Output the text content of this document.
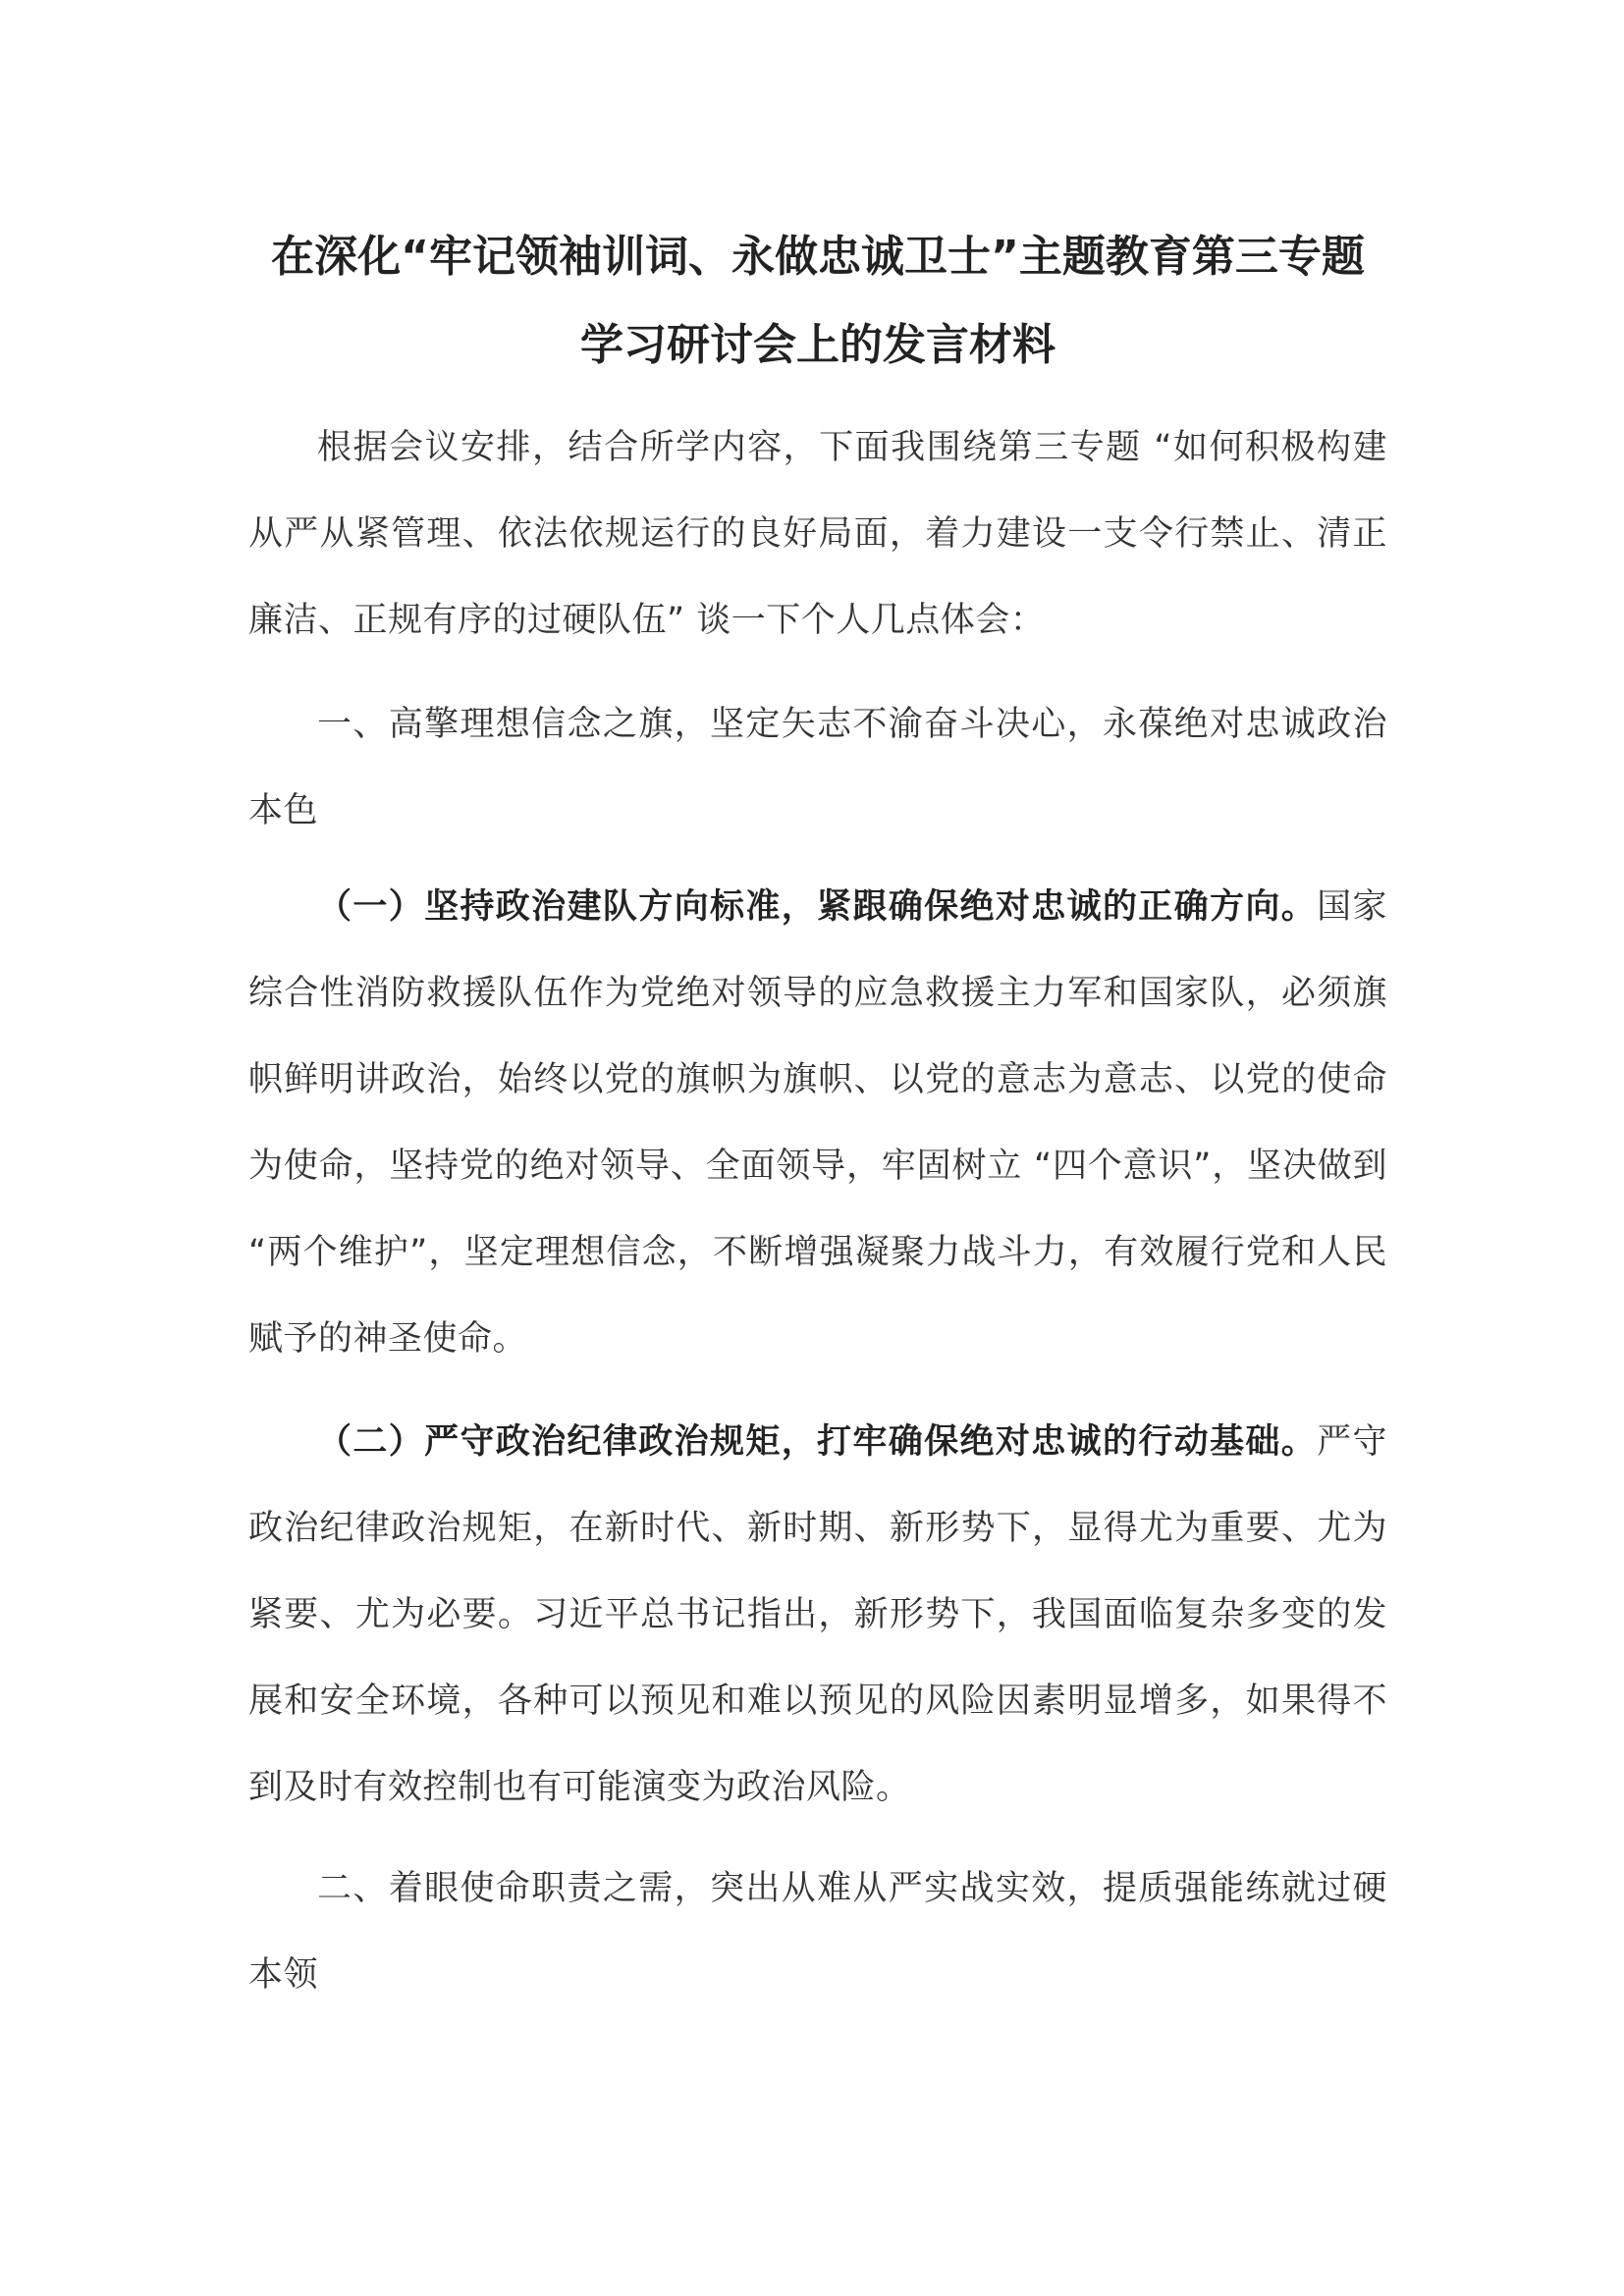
在深化“牢记领袖训词、永做忠诚卫士”主题教育第三专题
学习研讨会上的发言材料

根据会议安排，结合所学内容，下面我围绕第三专题 “如何积极构建从严从紧管理、依法依规运行的良好局面，着力建设一支令行禁止、清正廉洁、正规有序的过硬队伍” 谈一下个人几点体会：

一、高擎理想信念之旗，坚定矢志不渝奋斗决心，永葆绝对忠诚政治本色

（一）坚持政治建队方向标准，紧跟确保绝对忠诚的正确方向。国家综合性消防救援队伍作为党绝对领导的应急救援主力军和国家队，必须旗帜鲜明讲政治，始终以党的旗帜为旗帜、以党的意志为意志、以党的使命为使命，坚持党的绝对领导、全面领导，牢固树立 “四个意识”，坚决做到 “两个维护”，坚定理想信念，不断增强凝聚力战斗力，有效履行党和人民赋予的神圣使命。

（二）严守政治纪律政治规矩，打牢确保绝对忠诚的行动基础。严守政治纪律政治规矩，在新时代、新时期、新形势下，显得尤为重要、尤为紧要、尤为必要。习近平总书记指出，新形势下，我国面临复杂多变的发展和安全环境，各种可以预见和难以预见的风险因素明显增多，如果得不到及时有效控制也有可能演变为政治风险。

二、着眼使命职责之需，突出从难从严实战实效，提质强能练就过硬本领
